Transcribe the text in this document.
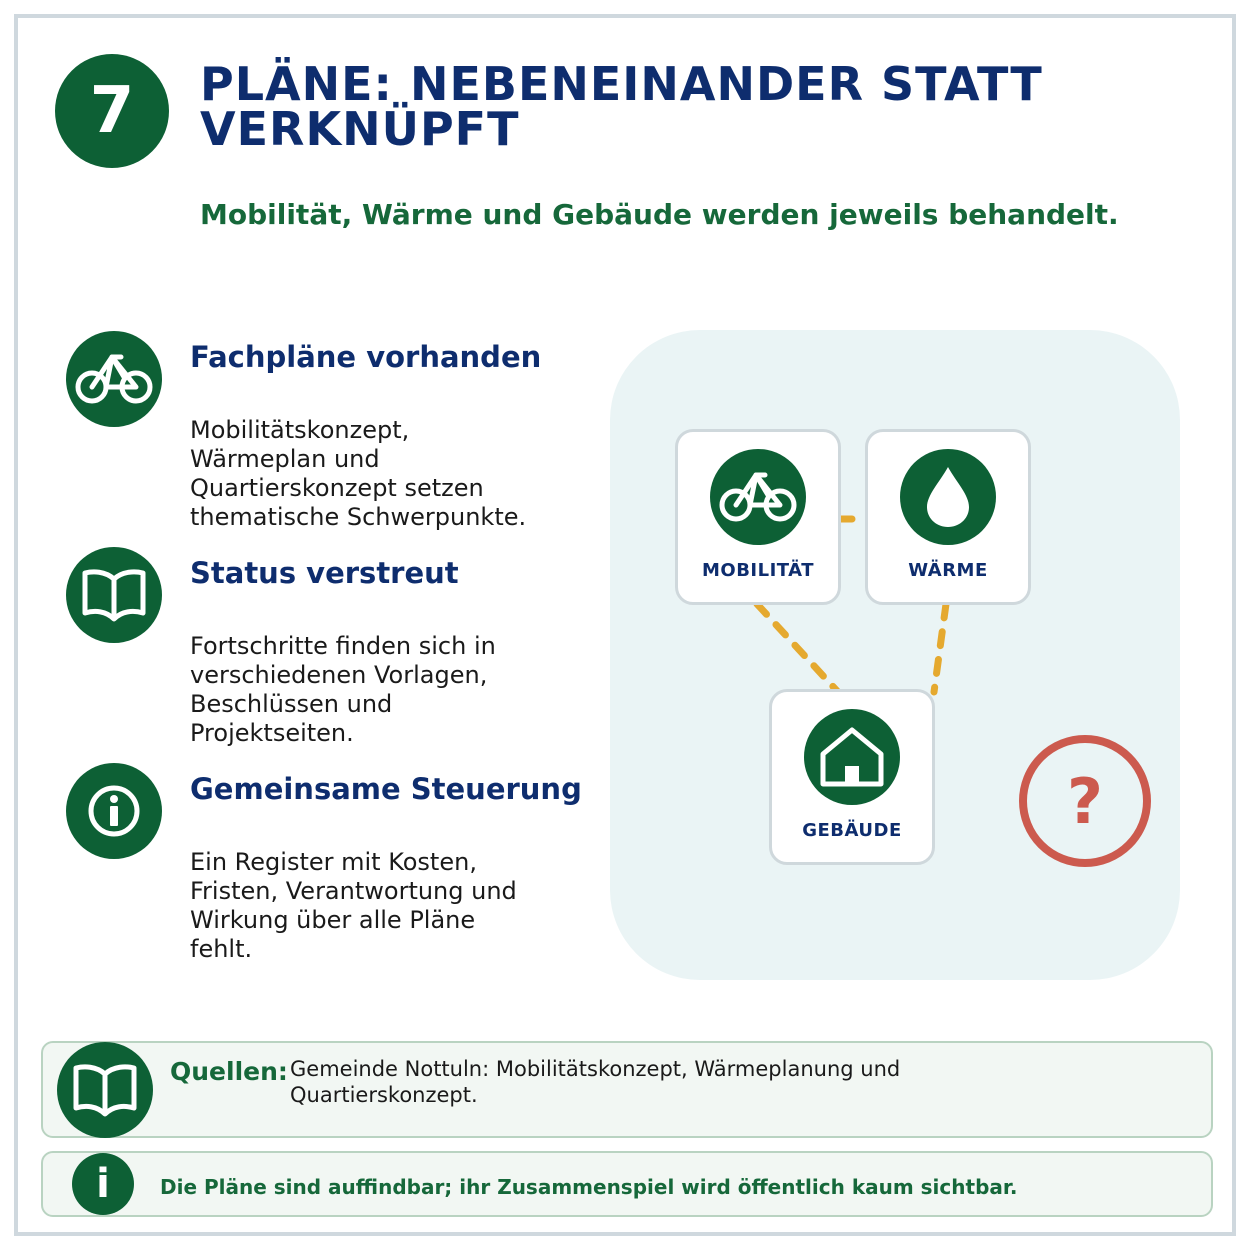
7	PLÄNE: NEBENEINANDER STATT VERKNÜPFT

Mobilität, Wärme und Gebäude werden jeweils behandelt.

Fachpläne vorhanden

Mobilitätskonzept, Wärmeplan und Quartierskonzept setzen thematische Schwerpunkte.

Status verstreut

Fortschritte finden sich in verschiedenen Vorlagen, Beschlüssen und Projektseiten.

Gemeinsame Steuerung

Ein Register mit Kosten, Fristen, Verantwortung und Wirkung über alle Pläne fehlt.

MOBILITÄT	WÄRME
GEBÄUDE	?
Quellen: Gemeinde Nottuln: Mobilitätskonzept, Wärmeplanung und Quartierskonzept.
i	Die Pläne sind auffindbar; ihr Zusammenspiel wird öffentlich kaum sichtbar.
